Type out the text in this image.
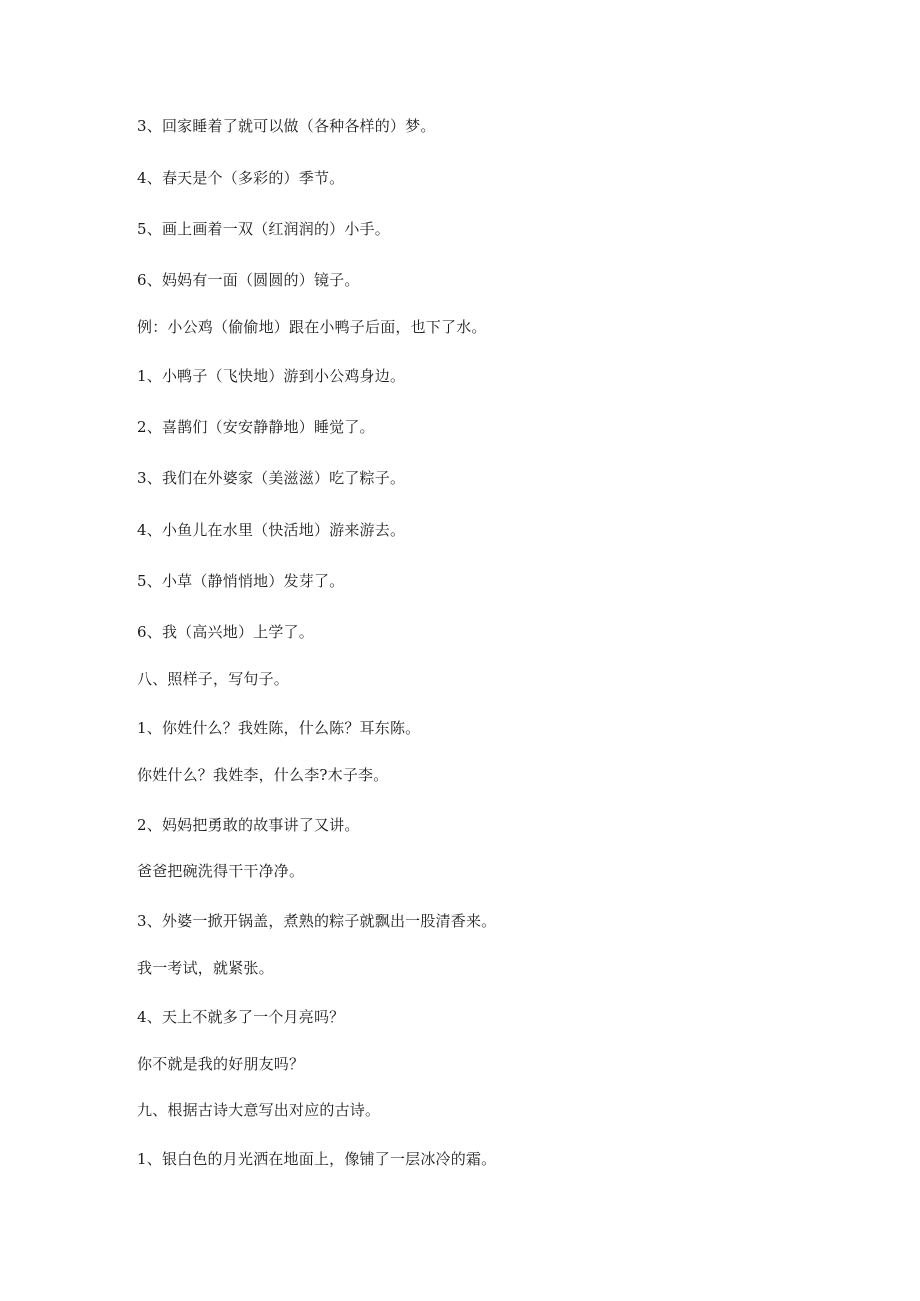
3、回家睡着了就可以做（各种各样的）梦。

4、春天是个（多彩的）季节。

5、画上画着一双（红润润的）小手。

6、妈妈有一面（圆圆的）镜子。

例：小公鸡（偷偷地）跟在小鸭子后面，也下了水。

1、小鸭子（飞快地）游到小公鸡身边。

2、喜鹊们（安安静静地）睡觉了。

3、我们在外婆家（美滋滋）吃了粽子。

4、小鱼儿在水里（快活地）游来游去。

5、小草（静悄悄地）发芽了。

6、我（高兴地）上学了。

八、照样子，写句子。

1、你姓什么？我姓陈，什么陈？耳东陈。

你姓什么？我姓李，什么李?木子李。

2、妈妈把勇敢的故事讲了又讲。

爸爸把碗洗得干干净净。

3、外婆一掀开锅盖，煮熟的粽子就飘出一股清香来。

我一考试，就紧张。

4、天上不就多了一个月亮吗？

你不就是我的好朋友吗？

九、根据古诗大意写出对应的古诗。

1、银白色的月光洒在地面上，像铺了一层冰冷的霜。
